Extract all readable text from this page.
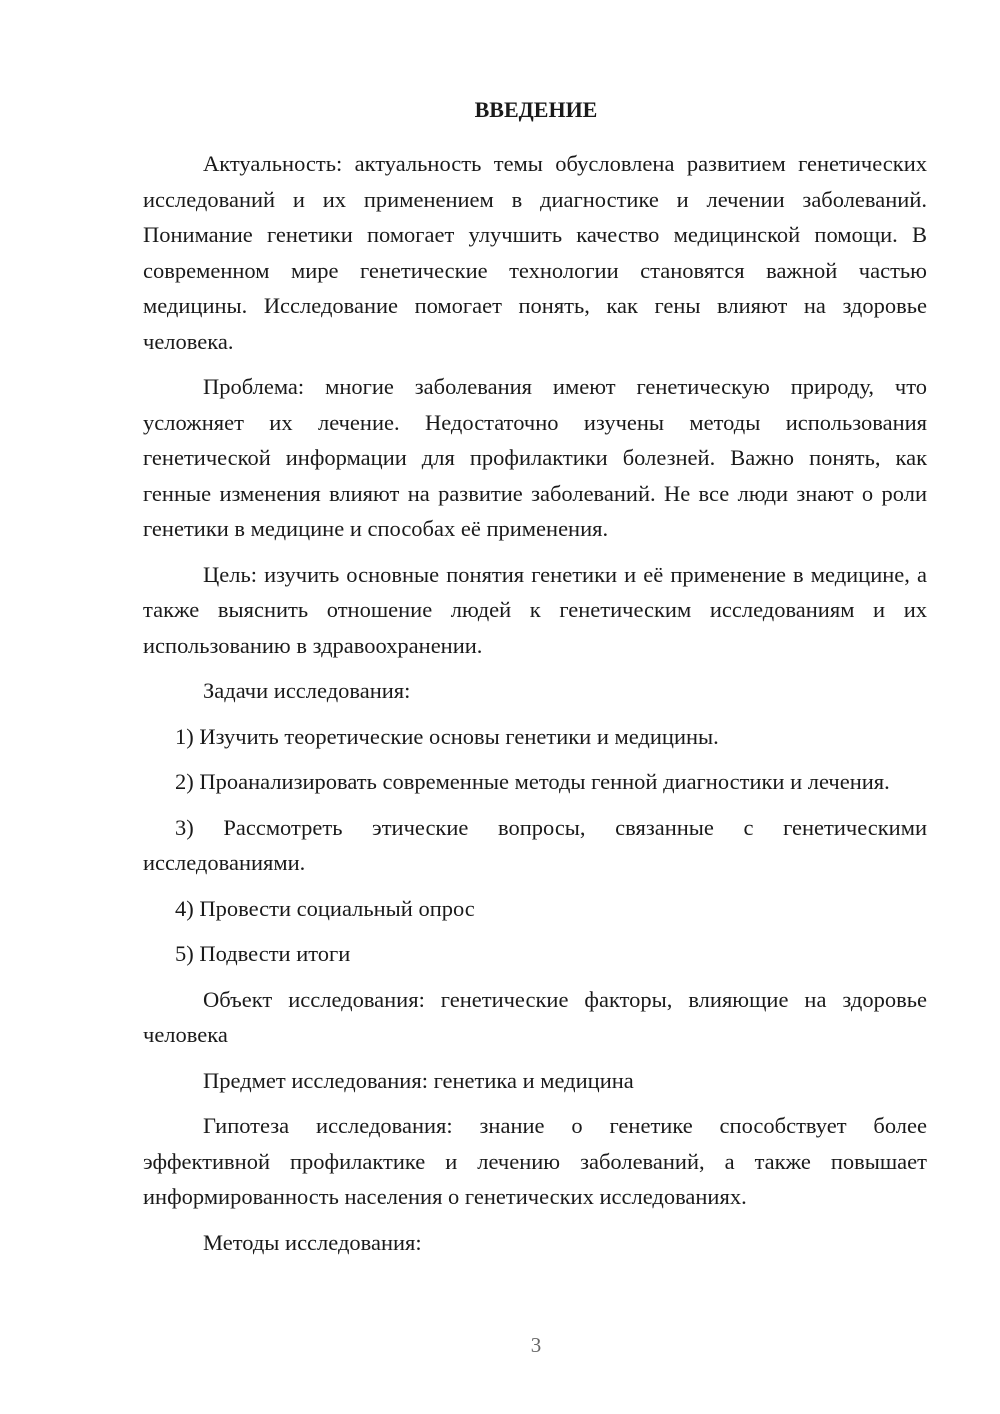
ВВЕДЕНИЕ

Актуальность: актуальность темы обусловлена развитием генетических исследований и их применением в диагностике и лечении заболеваний. Понимание генетики помогает улучшить качество медицинской помощи. В современном мире генетические технологии становятся важной частью медицины. Исследование помогает понять, как гены влияют на здоровье человека.

Проблема: многие заболевания имеют генетическую природу, что усложняет их лечение. Недостаточно изучены методы использования генетической информации для профилактики болезней. Важно понять, как генные изменения влияют на развитие заболеваний. Не все люди знают о роли генетики в медицине и способах её применения.

Цель: изучить основные понятия генетики и её применение в медицине, а также выяснить отношение людей к генетическим исследованиям и их использованию в здравоохранении.

Задачи исследования:

1) Изучить теоретические основы генетики и медицины.

2) Проанализировать современные методы генной диагностики и лечения.

3) Рассмотреть этические вопросы, связанные с генетическими исследованиями.

4) Провести социальный опрос

5) Подвести итоги

Объект исследования: генетические факторы, влияющие на здоровье человека

Предмет исследования: генетика и медицина

Гипотеза исследования: знание о генетике способствует более эффективной профилактике и лечению заболеваний, а также повышает информированность населения о генетических исследованиях.

Методы исследования:

3
